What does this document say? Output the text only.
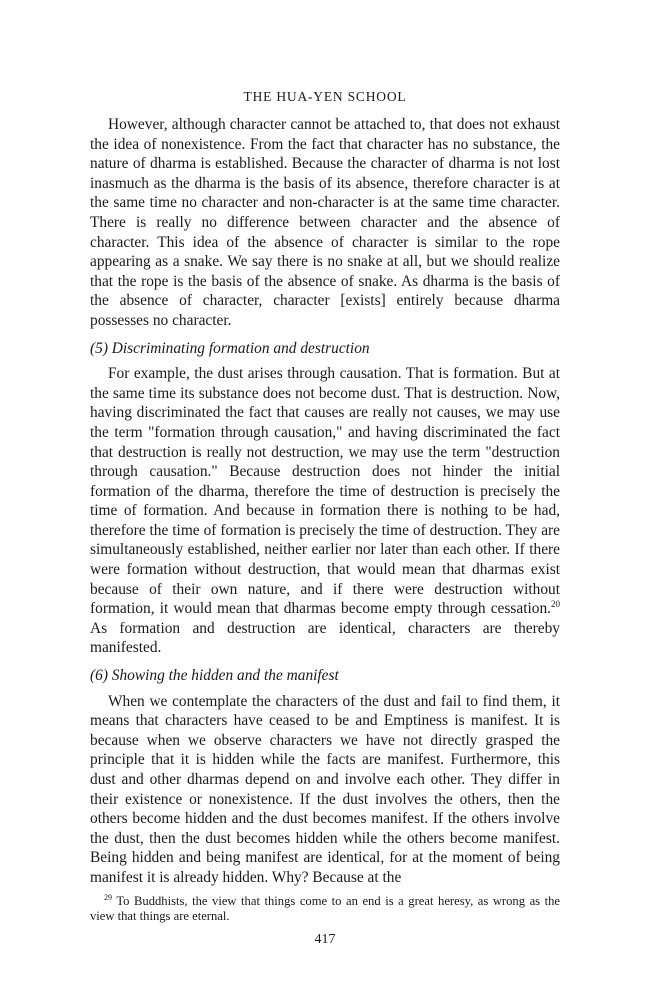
THE HUA-YEN SCHOOL

However, although character cannot be attached to, that does not exhaust the idea of nonexistence. From the fact that character has no substance, the nature of dharma is established. Because the character of dharma is not lost inasmuch as the dharma is the basis of its absence, therefore character is at the same time no character and non-character is at the same time character. There is really no difference between character and the absence of character. This idea of the absence of character is similar to the rope appearing as a snake. We say there is no snake at all, but we should realize that the rope is the basis of the absence of snake. As dharma is the basis of the absence of character, character [exists] entirely because dharma possesses no character.

(5) Discriminating formation and destruction

For example, the dust arises through causation. That is formation. But at the same time its substance does not become dust. That is destruction. Now, having discriminated the fact that causes are really not causes, we may use the term "formation through causation," and having discriminated the fact that destruction is really not destruction, we may use the term "destruction through causation." Because destruction does not hinder the initial formation of the dharma, therefore the time of destruction is precisely the time of formation. And because in formation there is nothing to be had, therefore the time of formation is precisely the time of destruction. They are simultaneously established, neither earlier nor later than each other. If there were formation without destruction, that would mean that dharmas exist because of their own nature, and if there were destruction without formation, it would mean that dharmas become empty through cessation.$^{20}$ As formation and destruction are identical, characters are thereby manifested.

(6) Showing the hidden and the manifest

When we contemplate the characters of the dust and fail to find them, it means that characters have ceased to be and Emptiness is manifest. It is because when we observe characters we have not directly grasped the principle that it is hidden while the facts are manifest. Furthermore, this dust and other dharmas depend on and involve each other. They differ in their existence or nonexistence. If the dust involves the others, then the others become hidden and the dust becomes manifest. If the others involve the dust, then the dust becomes hidden while the others become manifest. Being hidden and being manifest are identical, for at the moment of being manifest it is already hidden. Why? Because at the

$^{29}$ To Buddhists, the view that things come to an end is a great heresy, as wrong as the view that things are eternal.

417
